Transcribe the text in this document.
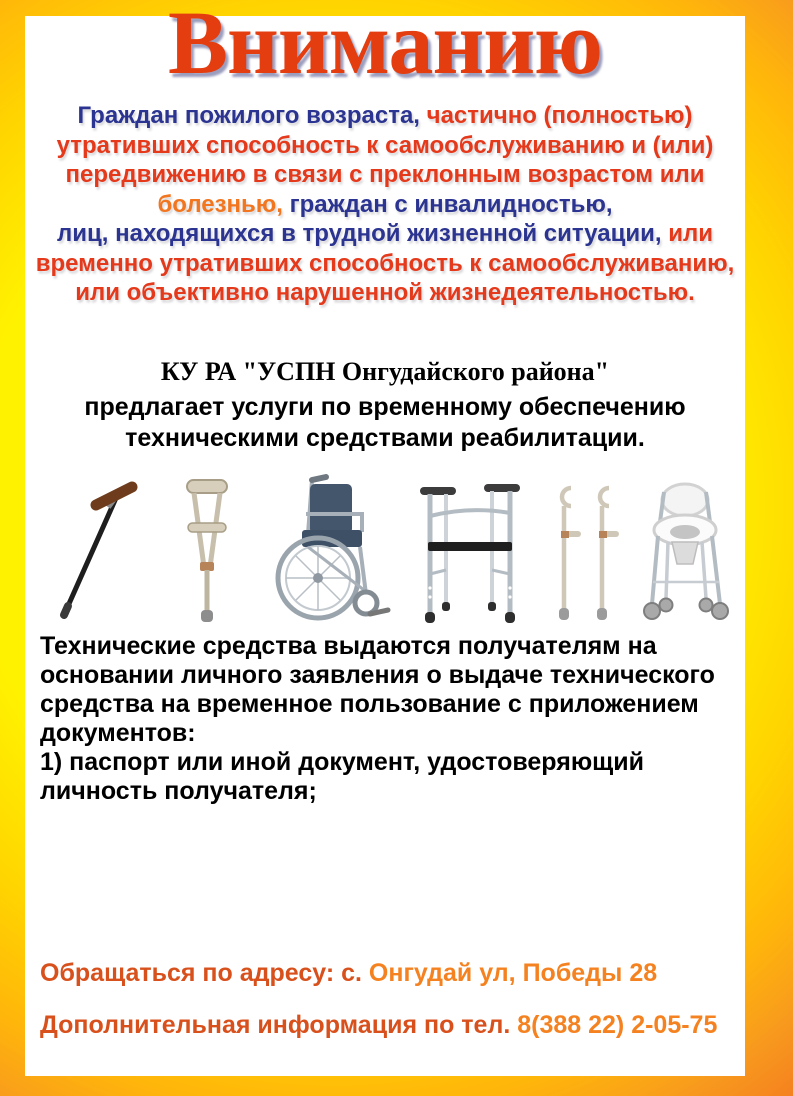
Вниманию
Граждан пожилого возраста, частично (полностью)
утративших способность к самообслуживанию и (или)
передвижению в связи с преклонным возрастом или
болезнью, граждан с инвалидностью,
лиц, находящихся в трудной жизненной ситуации, или
временно утративших способность к самообслуживанию,
или объективно нарушенной жизнедеятельностью.
КУ РА "УСПН Онгудайского района"
предлагает услуги по временному обеспечению
техническими средствами реабилитации.

Технические средства выдаются получателям на основании личного заявления о выдаче технического средства на временное пользование с приложением документов:

1) паспорт или иной документ, удостоверяющий личность получателя;

Обращаться по адресу: с. Онгудай ул, Победы 28

Дополнительная информация по тел. 8(388 22) 2-05-75
